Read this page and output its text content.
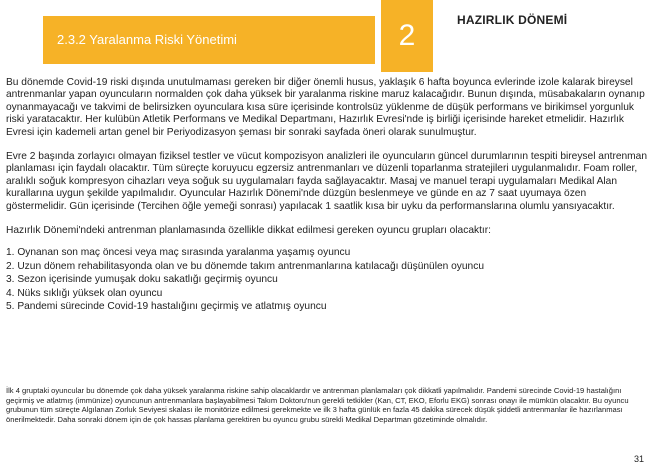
2.3.2 Yaralanma Riski Yönetimi	2	HAZIRLIK DÖNEMİ

Bu dönemde Covid-19 riski dışında unutulmaması gereken bir diğer önemli husus, yaklaşık 6 hafta boyunca evlerinde izole kalarak bireysel antrenmanlar yapan oyuncuların normalden çok daha yüksek bir yaralanma riskine maruz kalacağıdır. Bunun dışında, müsabakaların oynanıp oynanmayacağı ve takvimi de belirsizken oyunculara kısa süre içerisinde kontrolsüz yüklenme de düşük performans ve birikimsel yorgunluk riski yaratacaktır. Her kulübün Atletik Performans ve Medikal Departmanı, Hazırlık Evresi'nde iş birliği içerisinde hareket etmelidir. Hazırlık Evresi için kademeli artan genel bir Periyodizasyon şeması bir sonraki sayfada öneri olarak sunulmuştur.

Evre 2 başında zorlayıcı olmayan fiziksel testler ve vücut kompozisyon analizleri ile oyuncuların güncel durumlarının tespiti bireysel antrenman planlaması için faydalı olacaktır. Tüm süreçte koruyucu egzersiz antrenmanları ve düzenli toparlanma stratejileri uygulanmalıdır. Foam roller, aralıklı soğuk kompresyon cihazları veya soğuk su uygulamaları fayda sağlayacaktır. Masaj ve manuel terapi uygulamaları Medikal Alan kurallarına uygun şekilde yapılmalıdır. Oyuncular Hazırlık Dönemi'nde düzgün beslenmeye ve günde en az 7 saat uyumaya özen göstermelidir. Gün içerisinde (Tercihen öğle yemeği sonrası) yapılacak 1 saatlik kısa bir uyku da performanslarına olumlu yansıyacaktır.

Hazırlık Dönemi'ndeki antrenman planlamasında özellikle dikkat edilmesi gereken oyuncu grupları olacaktır:

1. Oynanan son maç öncesi veya maç sırasında yaralanma yaşamış oyuncu
2. Uzun dönem rehabilitasyonda olan ve bu dönemde takım antrenmanlarına katılacağı düşünülen oyuncu
3. Sezon içerisinde yumuşak doku sakatlığı geçirmiş oyuncu
4. Nüks sıklığı yüksek olan oyuncu
5. Pandemi sürecinde Covid-19 hastalığını geçirmiş ve atlatmış oyuncu
İlk 4 gruptaki oyuncular bu dönemde çok daha yüksek yaralanma riskine sahip olacaklardır ve antrenman planlamaları çok dikkatli yapılmalıdır. Pandemi sürecinde Covid-19 hastalığını geçirmiş ve atlatmış (immünize) oyuncunun antrenmanlara başlayabilmesi Takım Doktoru'nun gerekli tetkikler (Kan, CT, EKO, Eforlu EKG) sonrası onayı ile mümkün olacaktır. Bu oyuncu grubunun tüm süreçte Algılanan Zorluk Seviyesi skalası ile monitörize edilmesi gerekmekte ve ilk 3 hafta günlük en fazla 45 dakika sürecek düşük şiddetli antrenmanlar ile hazırlanması önerilmektedir. Daha sonraki dönem için de çok hassas planlama gerektiren bu oyuncu grubu sürekli Medikal Departman gözetiminde olmalıdır.
31
